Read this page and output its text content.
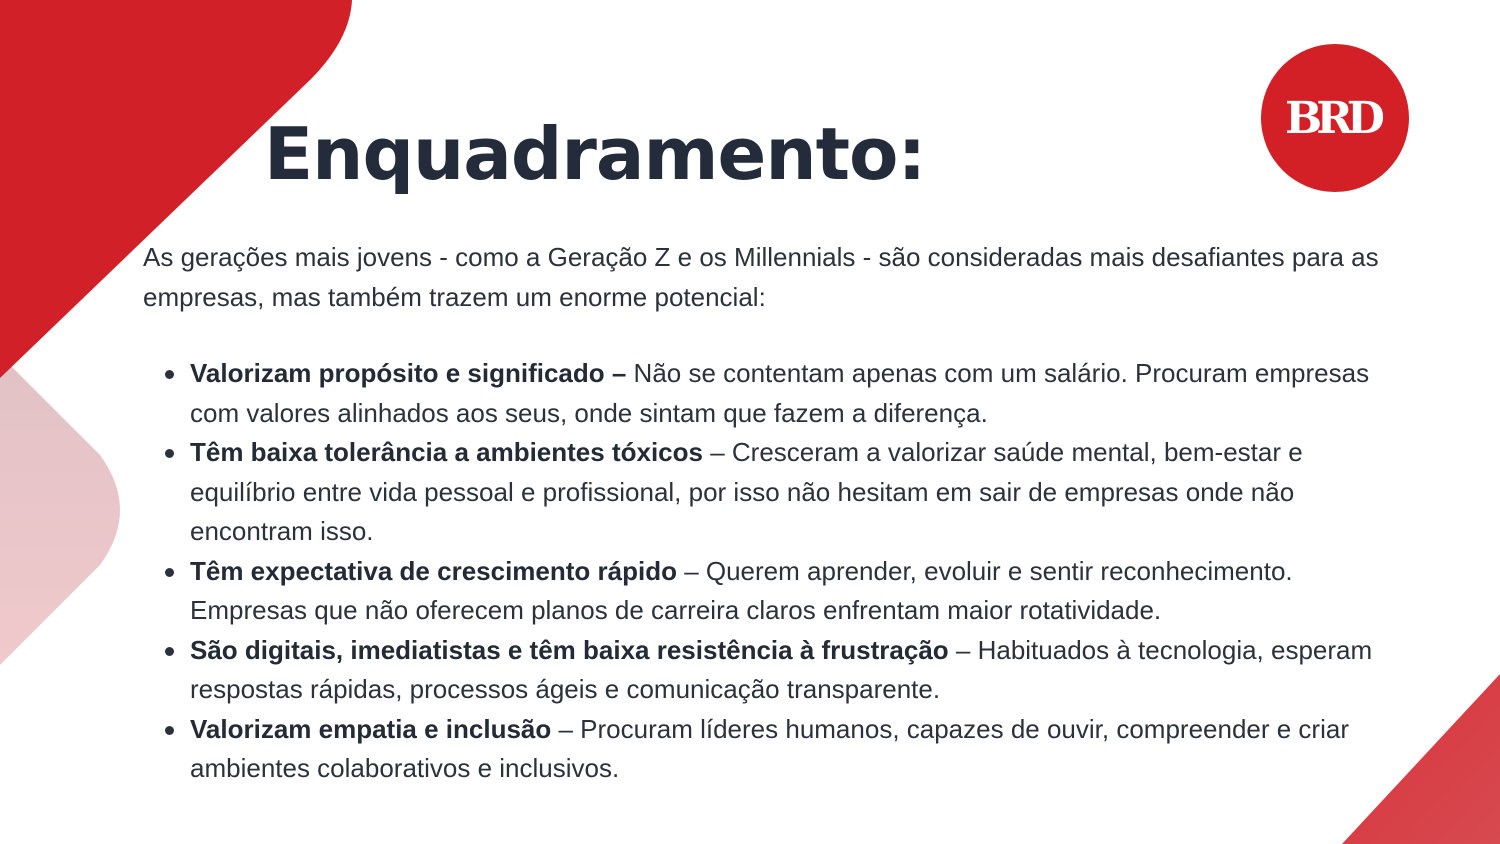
Enquadramento:	BRD

As gerações mais jovens - como a Geração Z e os Millennials - são consideradas mais desafiantes para as empresas, mas também trazem um enorme potencial:

Valorizam propósito e significado – Não se contentam apenas com um salário. Procuram empresas com valores alinhados aos seus, onde sintam que fazem a diferença.
Têm baixa tolerância a ambientes tóxicos – Cresceram a valorizar saúde mental, bem-estar e equilíbrio entre vida pessoal e profissional, por isso não hesitam em sair de empresas onde não encontram isso.
Têm expectativa de crescimento rápido – Querem aprender, evoluir e sentir reconhecimento. Empresas que não oferecem planos de carreira claros enfrentam maior rotatividade.
São digitais, imediatistas e têm baixa resistência à frustração – Habituados à tecnologia, esperam respostas rápidas, processos ágeis e comunicação transparente.
Valorizam empatia e inclusão – Procuram líderes humanos, capazes de ouvir, compreender e criar ambientes colaborativos e inclusivos.
